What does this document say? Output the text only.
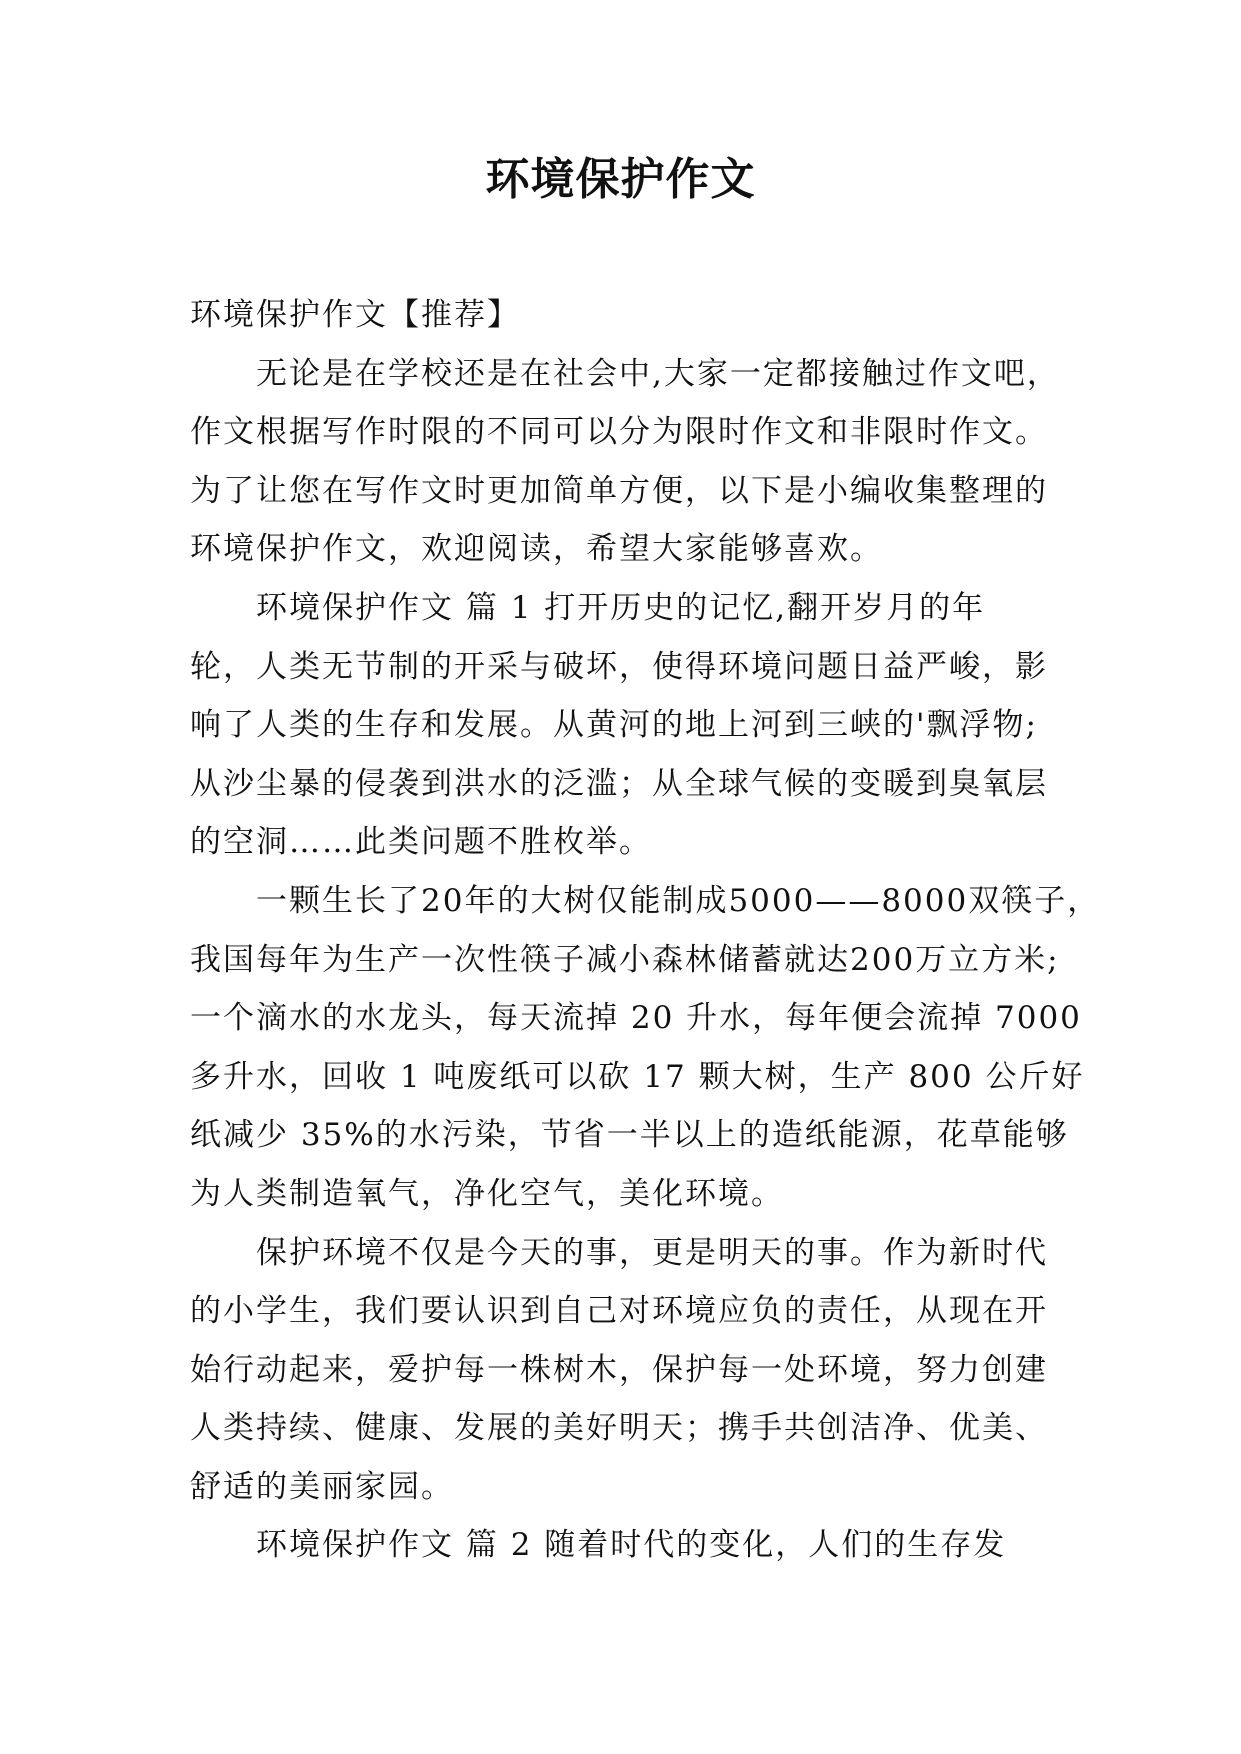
环境保护作文
环境保护作文【推荐】
无论是在学校还是在社会中,大家一定都接触过作文吧，
作文根据写作时限的不同可以分为限时作文和非限时作文。
为了让您在写作文时更加简单方便，以下是小编收集整理的
环境保护作文，欢迎阅读，希望大家能够喜欢。
环境保护作文 篇 1 打开历史的记忆,翻开岁月的年
轮，人类无节制的开采与破坏，使得环境问题日益严峻，影
响了人类的生存和发展。从黄河的地上河到三峡的'飘浮物;
从沙尘暴的侵袭到洪水的泛滥；从全球气候的变暖到臭氧层
的空洞……此类问题不胜枚举。
一颗生长了20年的大树仅能制成5000——8000双筷子，
我国每年为生产一次性筷子减小森林储蓄就达200万立方米;
一个滴水的水龙头，每天流掉 20 升水，每年便会流掉 7000
多升水，回收 1 吨废纸可以砍 17 颗大树，生产 800 公斤好
纸减少 35%的水污染，节省一半以上的造纸能源，花草能够
为人类制造氧气，净化空气，美化环境。
保护环境不仅是今天的事，更是明天的事。作为新时代
的小学生，我们要认识到自己对环境应负的责任，从现在开
始行动起来，爱护每一株树木，保护每一处环境，努力创建
人类持续、健康、发展的美好明天；携手共创洁净、优美、
舒适的美丽家园。
环境保护作文 篇 2 随着时代的变化，人们的生存发
